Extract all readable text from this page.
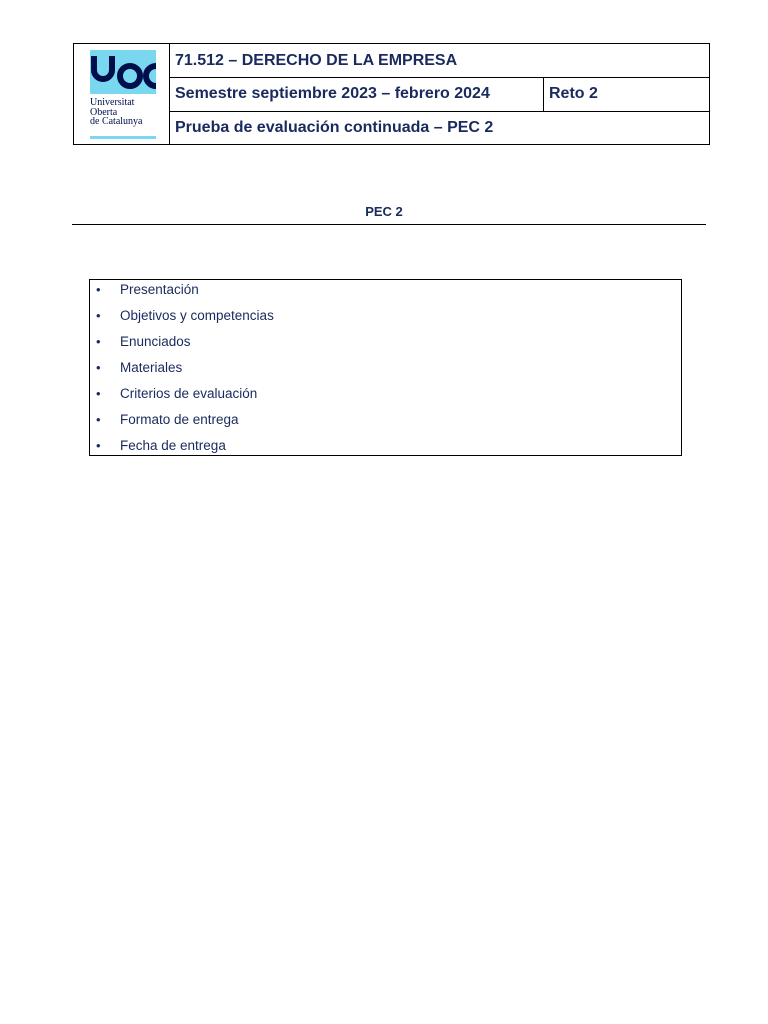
Universitat
Oberta
de Catalunya	71.512 – DERECHO DE LA EMPRESA	
	Semestre septiembre 2023 – febrero 2024	Reto 2
	Prueba de evaluación continuada – PEC 2	
PEC 2
• Presentación
• Objetivos y competencias
• Enunciados
• Materiales
• Criterios de evaluación
• Formato de entrega
• Fecha de entrega
